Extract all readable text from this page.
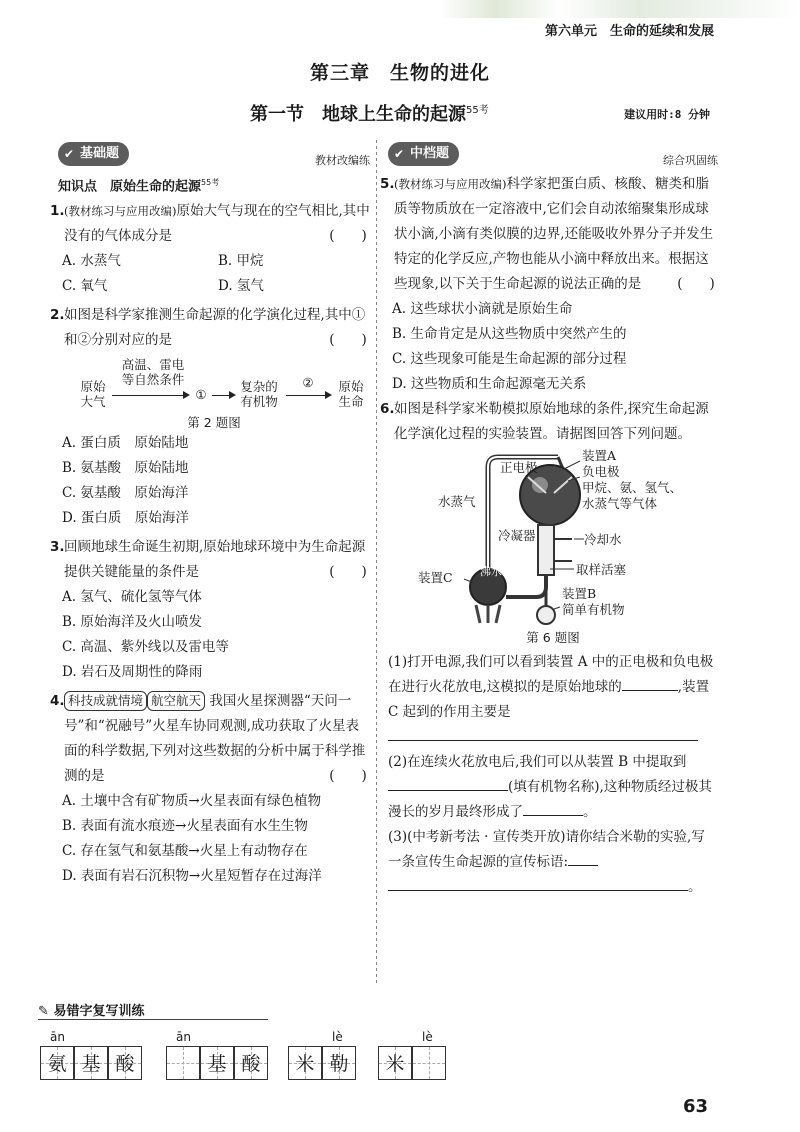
第六单元　生命的延续和发展
第三章　生物的进化
第一节　地球上生命的起源$^{55考}$	建议用时:8 分钟
✔ 基础题	教材改编练
知识点　原始生命的起源$^{55考}$
1. (教材练习与应用改编)原始大气与现在的空气相比,其中没有的气体成分是	(　　)
A. 水蒸气	B. 甲烷
C. 氧气	D. 氢气
2. 如图是科学家推测生命起源的化学演化过程,其中①和②分别对应的是	(　　)
原始
大气
高温、雷电
等自然条件
①
复杂的
有机物
②	原始
生命
第 2 题图
A. 蛋白质　原始陆地
B. 氨基酸　原始陆地
C. 氨基酸　原始海洋
D. 蛋白质　原始海洋
3. 回顾地球生命诞生初期,原始地球环境中为生命起源提供关键能量的条件是	(　　)
A. 氢气、硫化氢等气体
B. 原始海洋及火山喷发
C. 高温、紫外线以及雷电等
D. 岩石及周期性的降雨
4. 科技成就情境 航空航天 我国火星探测器“天问一号”和“祝融号”火星车协同观测,成功获取了火星表面的科学数据,下列对这些数据的分析中属于科学推测的是	(　　)
A. 土壤中含有矿物质→火星表面有绿色植物
B. 表面有流水痕迹→火星表面有水生生物
C. 存在氢气和氨基酸→火星上有动物存在
D. 表面有岩石沉积物→火星短暂存在过海洋
✔ 中档题	综合巩固练
5. (教材练习与应用改编)科学家把蛋白质、核酸、糖类和脂质等物质放在一定溶液中,它们会自动浓缩聚集形成球状小滴,小滴有类似膜的边界,还能吸收外界分子并发生特定的化学反应,产物也能从小滴中释放出来。根据这些现象,以下关于生命起源的说法正确的是	(　　)
A. 这些球状小滴就是原始生命
B. 生命肯定是从这些物质中突然产生的
C. 这些现象可能是生命起源的部分过程
D. 这些物质和生命起源毫无关系
6. 如图是科学家米勒模拟原始地球的条件,探究生命起源化学演化过程的实验装置。请据图回答下列问题。
正电极
装置A
负电极
甲烷、氨、氢气、
水蒸气等气体
水蒸气
冷凝器	冷却水
装置C 沸水	取样活塞
装置B
简单有机物
第 6 题图
(1)打开电源,我们可以看到装置 A 中的正电极和负电极在进行火花放电,这模拟的是原始地球的	,装置 C 起到的作用主要是

(2)在连续火花放电后,我们可以从装置 B 中提取到(填有机物名称),这种物质经过极其漫长的岁月最终形成了	。
(3)(中考新考法 · 宣传类开放)请你结合米勒的实验,写一条宣传生命起源的宣传标语:
。
✎ 易错字复写训练
ān
氨 基 酸
ān
基 酸
lè
米 勒
lè
米
63
